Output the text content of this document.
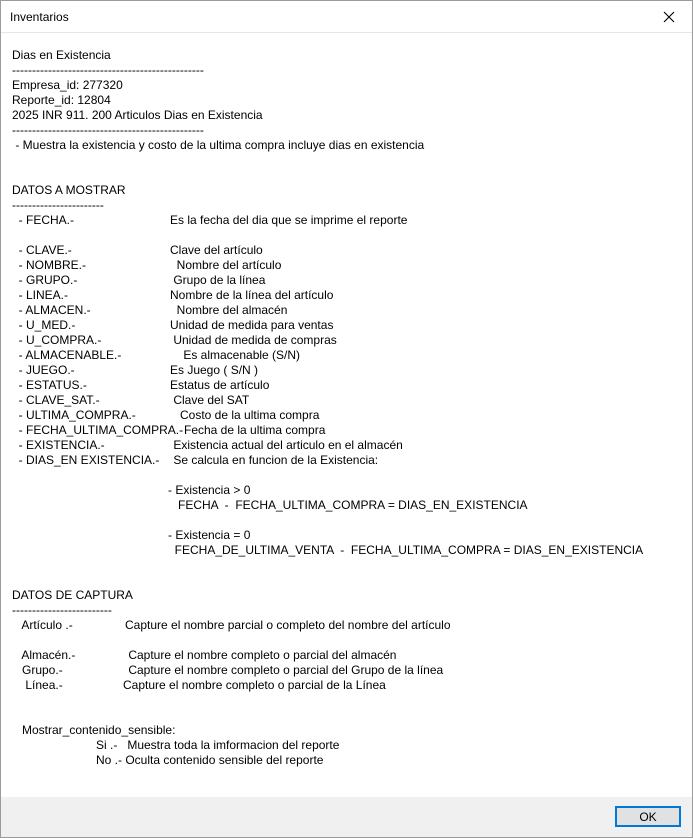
Inventarios
Dias en Existencia
------------------------------------------------
Empresa_id: 277320
Reporte_id: 12804
2025 INR 911. 200 Articulos Dias en Existencia
------------------------------------------------
- Muestra la existencia y costo de la ultima compra incluye dias en existencia
DATOS A MOSTRAR
-----------------------
- FECHA.-	Es la fecha del dia que se imprime el reporte
- CLAVE.-	Clave del artículo
- NOMBRE.-	Nombre del artículo
- GRUPO.-	Grupo de la línea
- LINEA.-	Nombre de la línea del artículo
- ALMACEN.-	Nombre del almacén
- U_MED.-	Unidad de medida para ventas
- U_COMPRA.-	Unidad de medida de compras
- ALMACENABLE.-	Es almacenable (S/N)
- JUEGO.-	Es Juego ( S/N )
- ESTATUS.-	Estatus de artículo
- CLAVE_SAT.-	Clave del SAT
- ULTIMA_COMPRA.-	Costo de la ultima compra
- FECHA_ULTIMA_COMPRA.- Fecha de la ultima compra
- EXISTENCIA.-	Existencia actual del articulo en el almacén
- DIAS_EN EXISTENCIA.- Se calcula en funcion de la Existencia:
- Existencia > 0
FECHA  -  FECHA_ULTIMA_COMPRA = DIAS_EN_EXISTENCIA
- Existencia = 0
FECHA_DE_ULTIMA_VENTA  -  FECHA_ULTIMA_COMPRA = DIAS_EN_EXISTENCIA
DATOS DE CAPTURA
-------------------------
Artículo .-	Capture el nombre parcial o completo del nombre del artículo
Almacén.-	Capture el nombre completo o parcial del almacén
Grupo.-	Capture el nombre completo o parcial del Grupo de la línea
Línea.-	Capture el nombre completo o parcial de la Línea
Mostrar_contenido_sensible:
Si .-   Muestra toda la imformacion del reporte
No .- Oculta contenido sensible del reporte
OK
